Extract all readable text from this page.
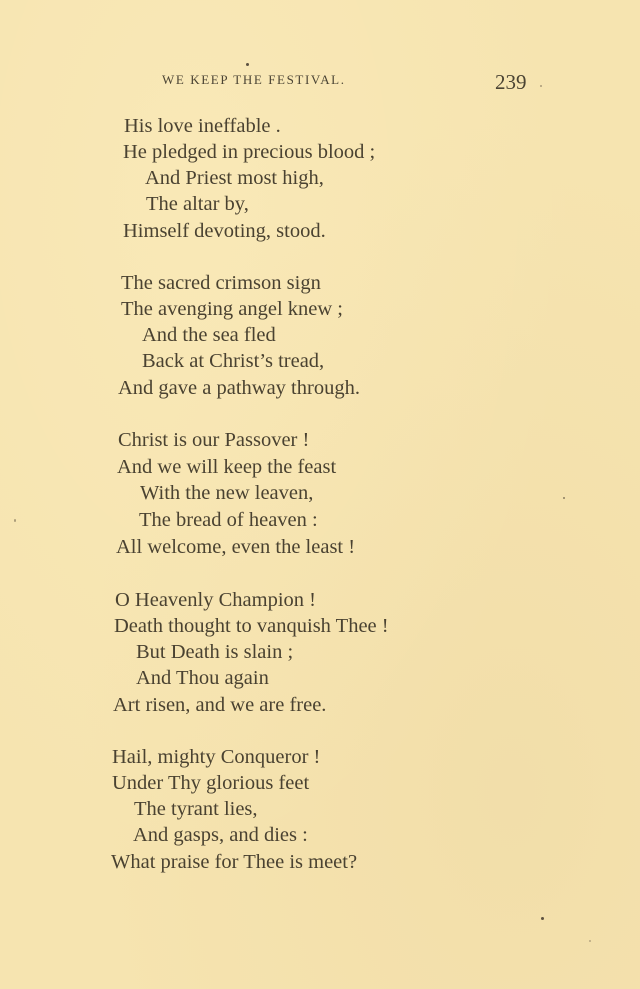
WE KEEP THE FESTIVAL.	239
His love ineffable .
He pledged in precious blood ;
And Priest most high,
The altar by,
Himself devoting, stood.
The sacred crimson sign
The avenging angel knew ;
And the sea fled
Back at Christ’s tread,
And gave a pathway through.
Christ is our Passover !
And we will keep the feast
With the new leaven,
The bread of heaven :
All welcome, even the least !
O Heavenly Champion !
Death thought to vanquish Thee !
But Death is slain ;
And Thou again
Art risen, and we are free.
Hail, mighty Conqueror !
Under Thy glorious feet
The tyrant lies,
And gasps, and dies :
What praise for Thee is meet?
